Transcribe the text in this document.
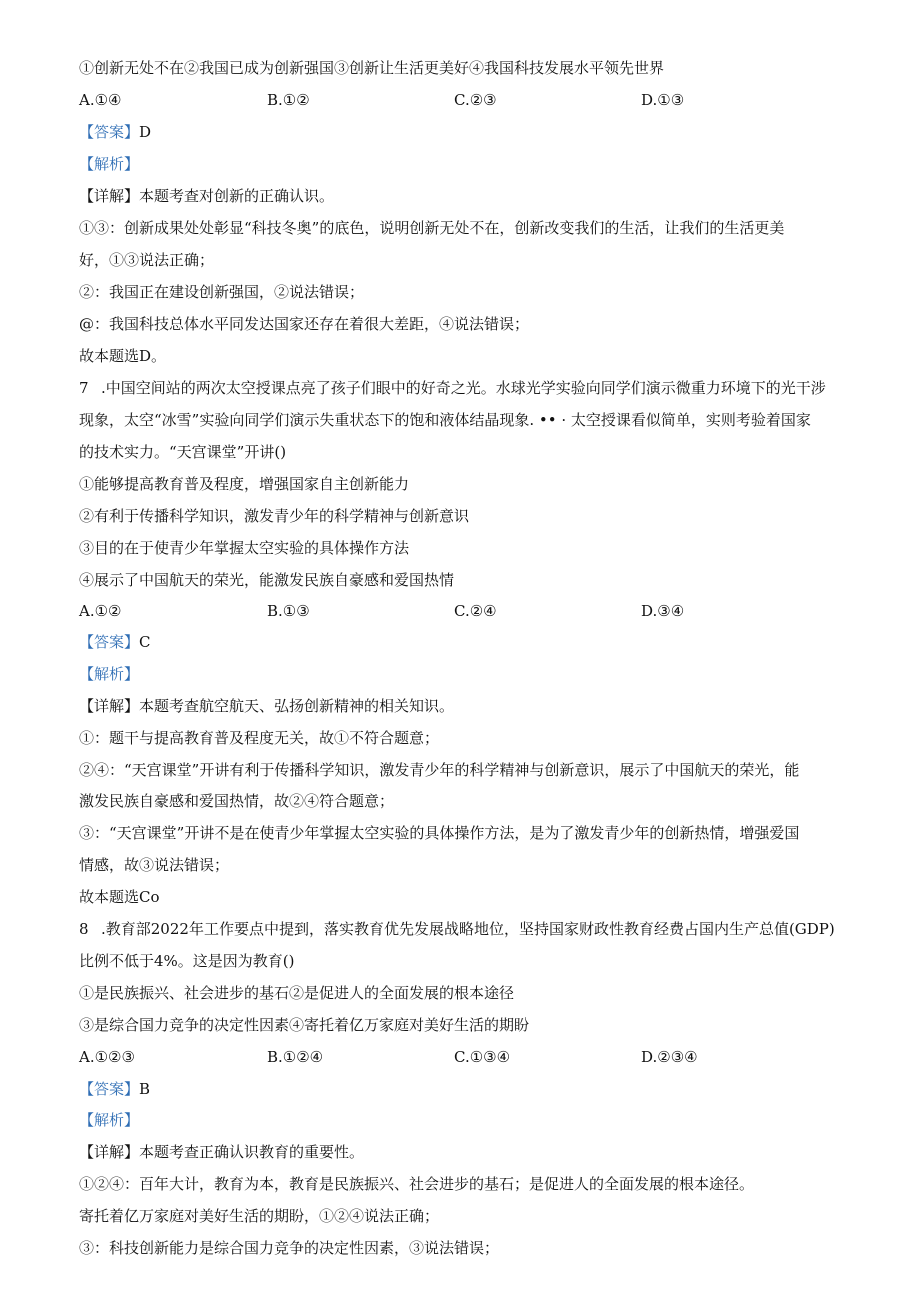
①创新无处不在②我国已成为创新强国③创新让生活更美好④我国科技发展水平领先世界
A.①④	B.①②	C.②③	D.①③
【答案】D
【解析】
【详解】本题考查对创新的正确认识。
①③：创新成果处处彰显“科技冬奥”的底色，说明创新无处不在，创新改变我们的生活，让我们的生活更美
好，①③说法正确；
②：我国正在建设创新强国，②说法错误；
@：我国科技总体水平同发达国家还存在着很大差距，④说法错误；
故本题选D。
7 .中国空间站的两次太空授课点亮了孩子们眼中的好奇之光。水球光学实验向同学们演示微重力环境下的光干涉
现象，太空“冰雪”实验向同学们演示失重状态下的饱和液体结晶现象. •• · 太空授课看似简单，实则考验着国家
的技术实力。“天宫课堂”开讲()
①能够提高教育普及程度，增强国家自主创新能力
②有利于传播科学知识，激发青少年的科学精神与创新意识
③目的在于使青少年掌握太空实验的具体操作方法
④展示了中国航天的荣光，能激发民族自豪感和爱国热情
A.①②	B.①③	C.②④	D.③④
【答案】C
【解析】
【详解】本题考查航空航天、弘扬创新精神的相关知识。
①：题干与提高教育普及程度无关，故①不符合题意；
②④：“天宫课堂”开讲有利于传播科学知识，激发青少年的科学精神与创新意识，展示了中国航天的荣光，能
激发民族自豪感和爱国热情，故②④符合题意；
③：“天宫课堂”开讲不是在使青少年掌握太空实验的具体操作方法，是为了激发青少年的创新热情，增强爱国
情感，故③说法错误；
故本题选Co
8 .教育部2022年工作要点中提到，落实教育优先发展战略地位，坚持国家财政性教育经费占国内生产总值(GDP)
比例不低于4%。这是因为教育()
①是民族振兴、社会进步的基石②是促进人的全面发展的根本途径
③是综合国力竞争的决定性因素④寄托着亿万家庭对美好生活的期盼
A.①②③	B.①②④	C.①③④	D.②③④
【答案】B
【解析】
【详解】本题考查正确认识教育的重要性。
①②④：百年大计，教育为本，教育是民族振兴、社会进步的基石；是促进人的全面发展的根本途径。
寄托着亿万家庭对美好生活的期盼，①②④说法正确；
③：科技创新能力是综合国力竞争的决定性因素，③说法错误；
